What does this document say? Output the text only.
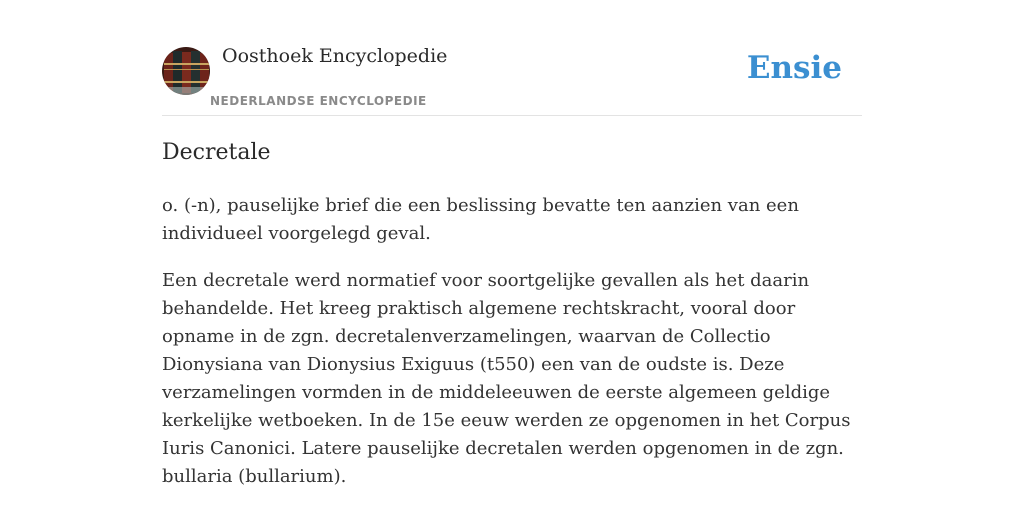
Oosthoek Encyclopedie
NEDERLANDSE ENCYCLOPEDIE
Ensie
Decretale

o. (-n), pauselijke brief die een beslissing bevatte ten aanzien van een individueel voorgelegd geval.

Een decretale werd normatief voor soortgelijke gevallen als het daarin behandelde. Het kreeg praktisch algemene rechtskracht, vooral door opname in de zgn. decretalenverzamelingen, waarvan de Collectio Dionysiana van Dionysius Exiguus (t550) een van de oudste is. Deze verzamelingen vormden in de middeleeuwen de eerste algemeen geldige kerkelijke wetboeken. In de 15e eeuw werden ze opgenomen in het Corpus Iuris Canonici. Latere pauselijke decretalen werden opgenomen in de zgn. bullaria (bullarium).
